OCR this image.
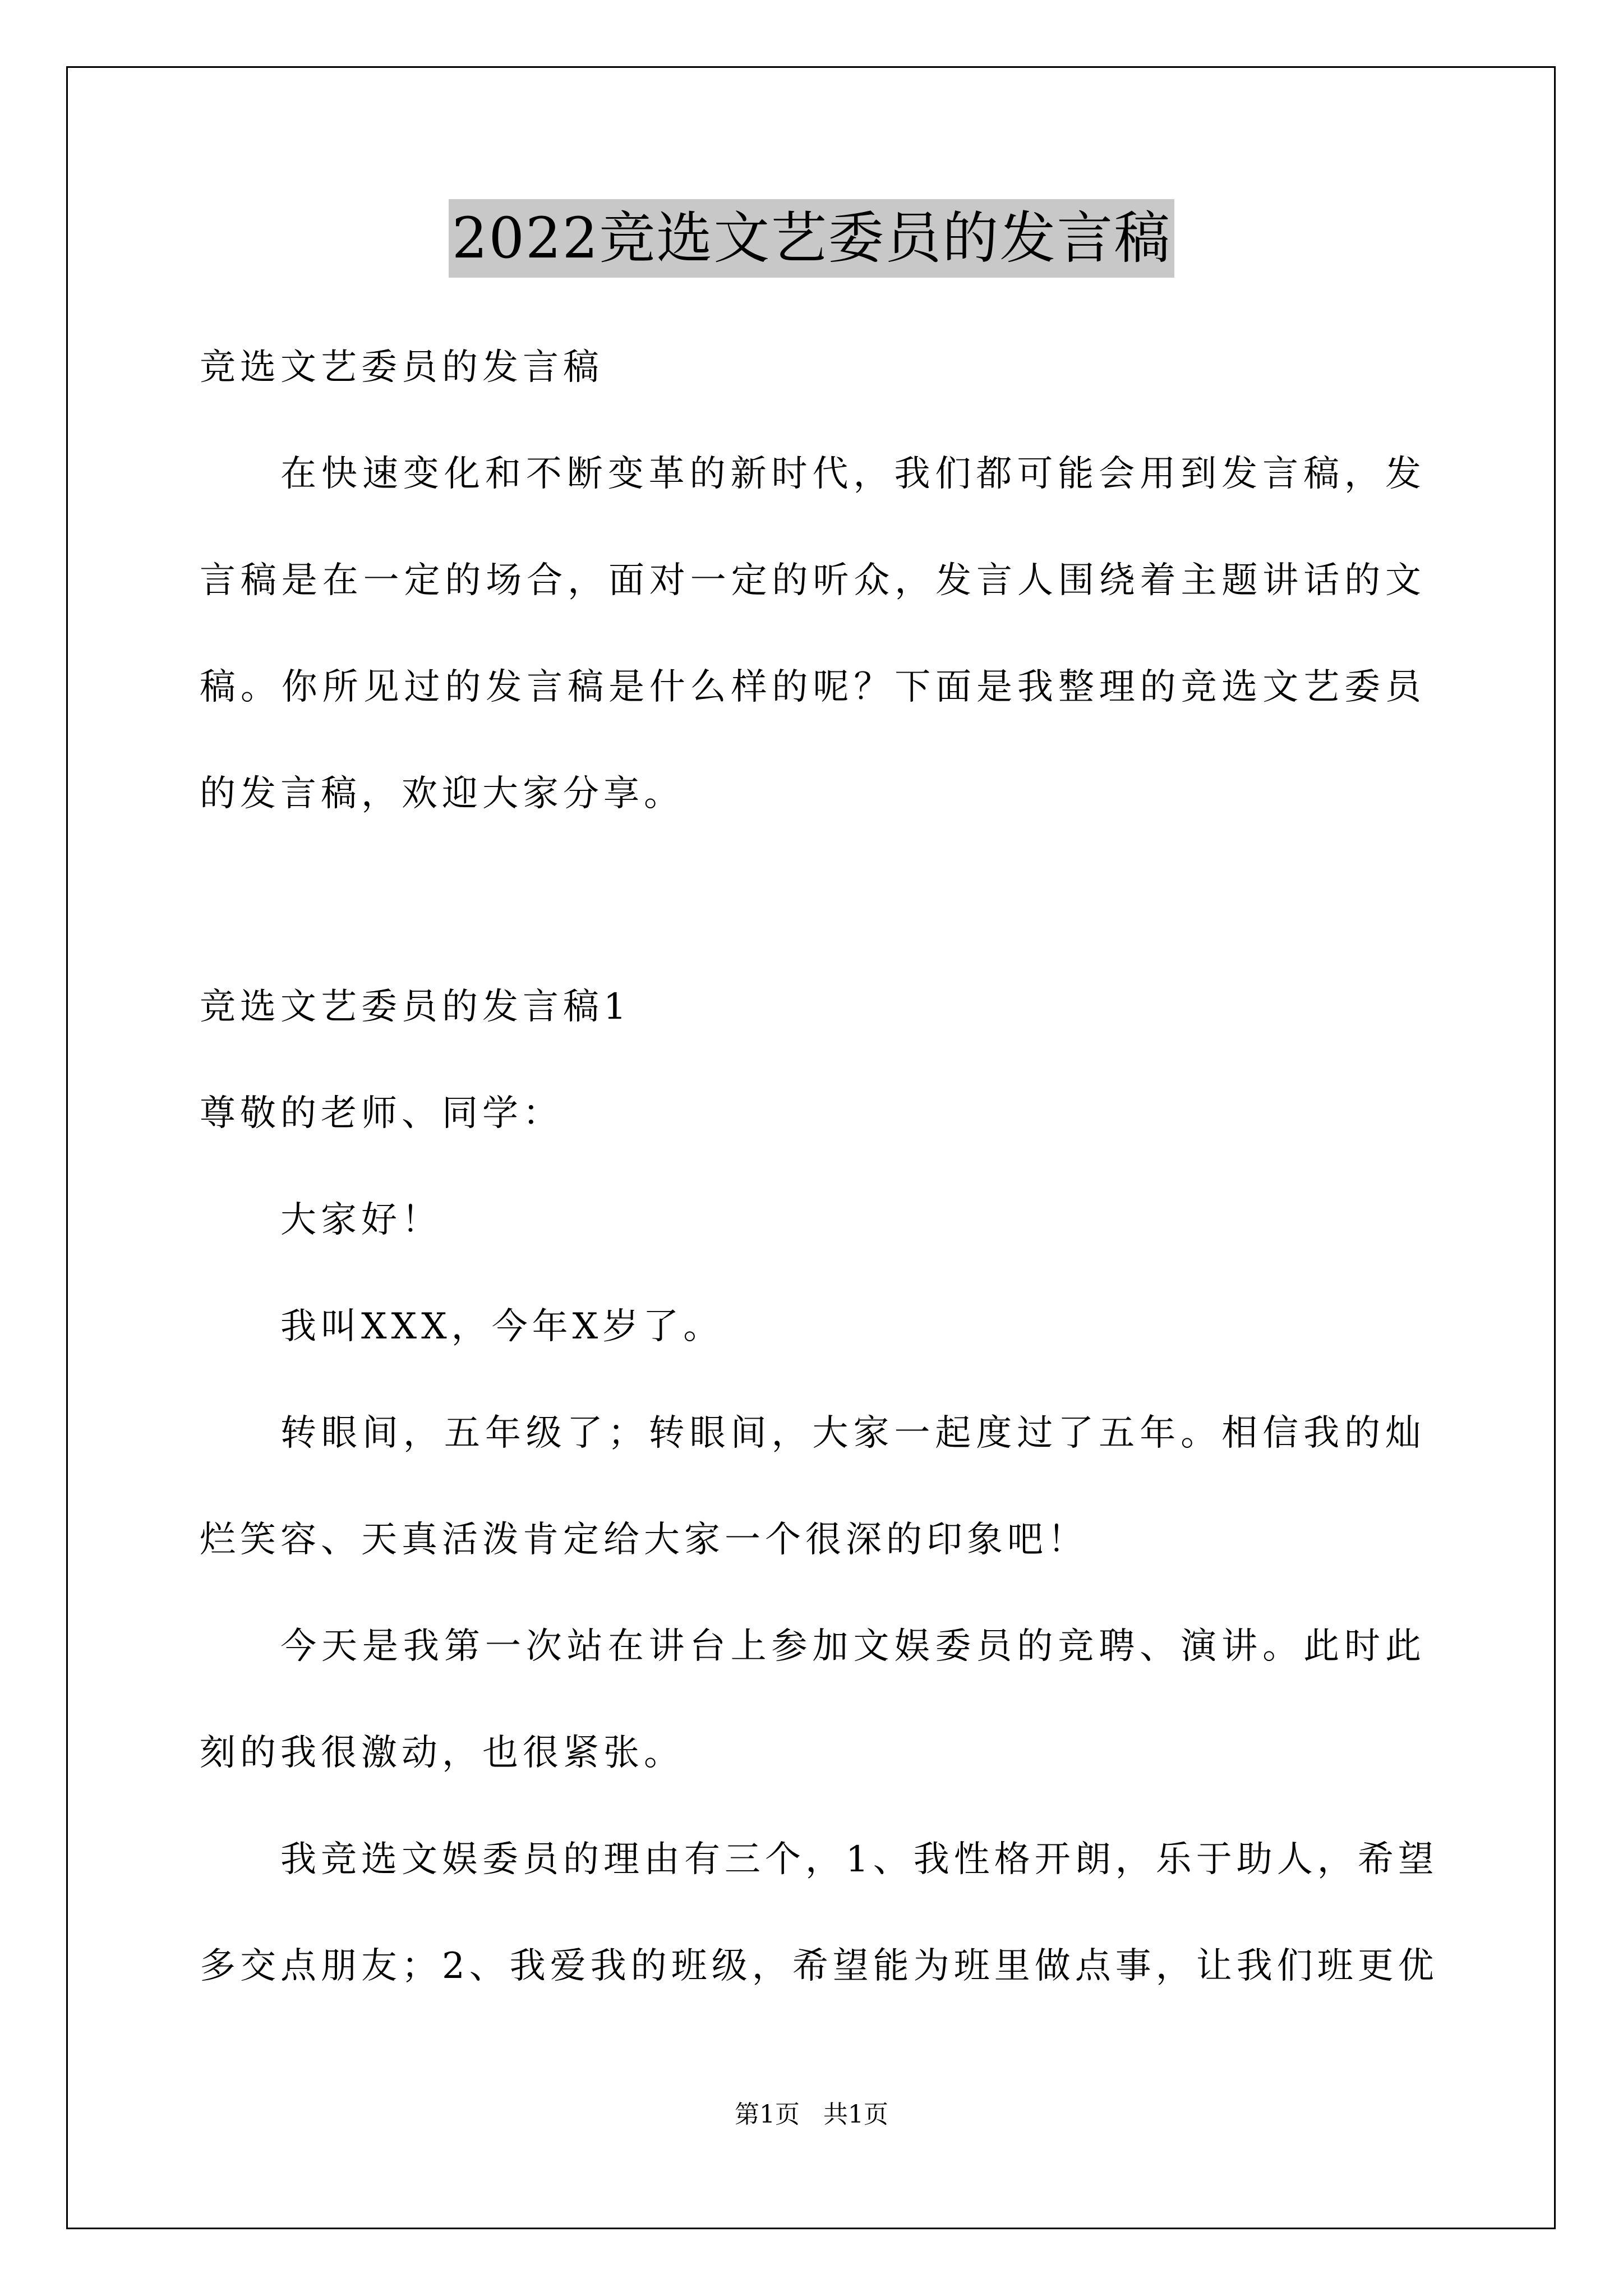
2022竞选文艺委员的发言稿

竞选文艺委员的发言稿

在快速变化和不断变革的新时代，我们都可能会用到发言稿，发

言稿是在一定的场合，面对一定的听众，发言人围绕着主题讲话的文

稿。你所见过的发言稿是什么样的呢？下面是我整理的竞选文艺委员

的发言稿，欢迎大家分享。

竞选文艺委员的发言稿1

尊敬的老师、同学：

大家好！

我叫XXX，今年X岁了。

转眼间，五年级了；转眼间，大家一起度过了五年。相信我的灿

烂笑容、天真活泼肯定给大家一个很深的印象吧！

今天是我第一次站在讲台上参加文娱委员的竞聘、演讲。此时此

刻的我很激动，也很紧张。

我竞选文娱委员的理由有三个，1、我性格开朗，乐于助人，希望

多交点朋友；2、我爱我的班级，希望能为班里做点事，让我们班更优

第1页   共1页
